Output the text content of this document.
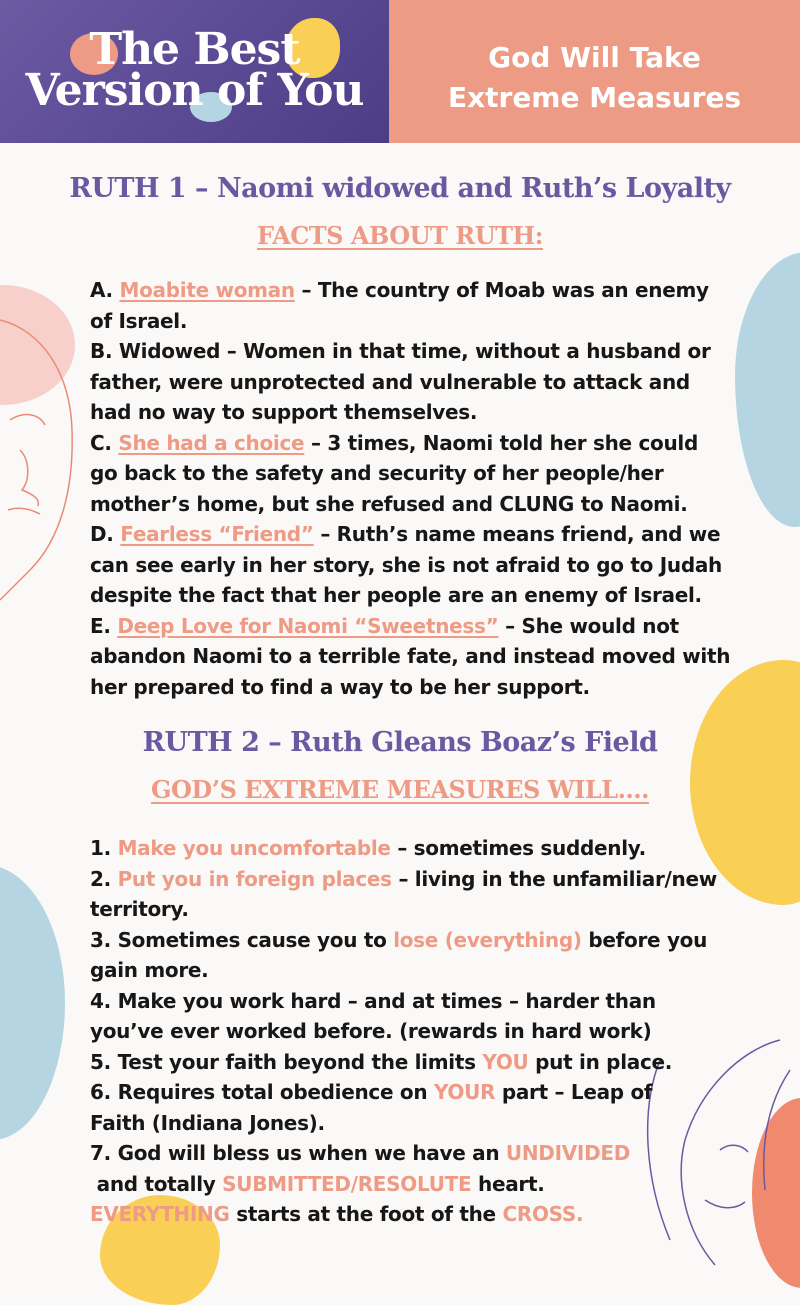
The Best
Version of You
God Will Take
Extreme Measures
RUTH 1 – Naomi widowed and Ruth’s Loyalty
FACTS ABOUT RUTH:
A. Moabite woman – The country of Moab was an enemy
of Israel.
B. Widowed – Women in that time, without a husband or
father, were unprotected and vulnerable to attack and
had no way to support themselves.
C. She had a choice – 3 times, Naomi told her she could
go back to the safety and security of her people/her
mother’s home, but she refused and CLUNG to Naomi.
D. Fearless “Friend” – Ruth’s name means friend, and we
can see early in her story, she is not afraid to go to Judah
despite the fact that her people are an enemy of Israel.
E. Deep Love for Naomi “Sweetness” – She would not
abandon Naomi to a terrible fate, and instead moved with
her prepared to find a way to be her support.
RUTH 2 – Ruth Gleans Boaz’s Field
GOD’S EXTREME MEASURES WILL….
1. Make you uncomfortable – sometimes suddenly.
2. Put you in foreign places – living in the unfamiliar/new
territory.
3. Sometimes cause you to lose (everything) before you
gain more.
4. Make you work hard – and at times – harder than
you’ve ever worked before. (rewards in hard work)
5. Test your faith beyond the limits YOU put in place.
6. Requires total obedience on YOUR part – Leap of
Faith (Indiana Jones).
7. God will bless us when we have an UNDIVIDED
and totally SUBMITTED/RESOLUTE heart.
EVERYTHING starts at the foot of the CROSS.
